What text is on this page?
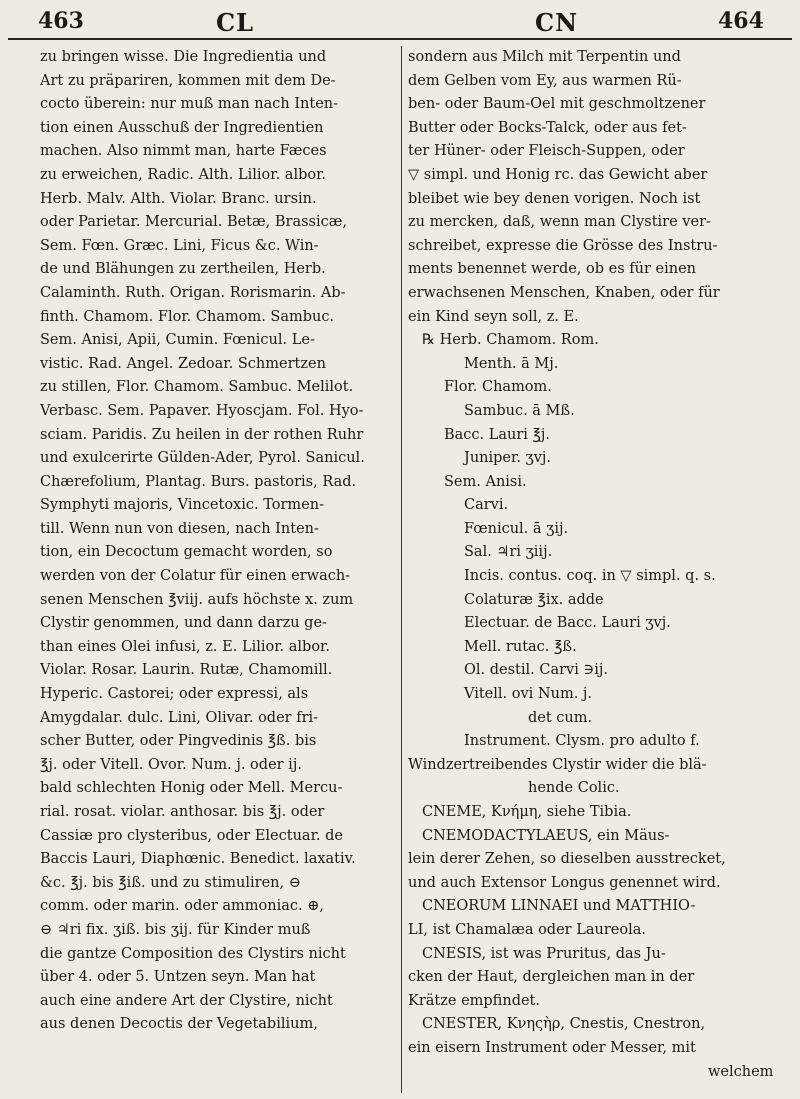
463	CL	CN	464
zu bringen wisse. Die Ingredientia und
Art zu präpariren, kommen mit dem De-
cocto überein: nur muß man nach Inten-
tion einen Ausschuß der Ingredientien
machen. Also nimmt man, harte Fæces
zu erweichen, Radic. Alth. Lilior. albor.
Herb. Malv. Alth. Violar. Branc. ursin.
oder Parietar. Mercurial. Betæ, Brassicæ,
Sem. Fœn. Græc. Lini, Ficus &c. Win-
de und Blähungen zu zertheilen, Herb.
Calaminth. Ruth. Origan. Rorismarin. Ab-
finth. Chamom. Flor. Chamom. Sambuc.
Sem. Anisi, Apii, Cumin. Fœnicul. Le-
vistic. Rad. Angel. Zedoar. Schmertzen
zu stillen, Flor. Chamom. Sambuc. Melilot.
Verbasc. Sem. Papaver. Hyoscjam. Fol. Hyo-
sciam. Paridis. Zu heilen in der rothen Ruhr
und exulcerirte Gülden-Ader, Pyrol. Sanicul.
Chærefolium, Plantag. Burs. pastoris, Rad.
Symphyti majoris, Vincetoxic. Tormen-
till. Wenn nun von diesen, nach Inten-
tion, ein Decoctum gemacht worden, so
werden von der Colatur für einen erwach-
senen Menschen ℥viij. aufs höchste x. zum
Clystir genommen, und dann darzu ge-
than eines Olei infusi, z. E. Lilior. albor.
Violar. Rosar. Laurin. Rutæ, Chamomill.
Hyperic. Castorei; oder expressi, als
Amygdalar. dulc. Lini, Olivar. oder fri-
scher Butter, oder Pingvedinis ℥ß. bis
℥j. oder Vitell. Ovor. Num. j. oder ij.
bald schlechten Honig oder Mell. Mercu-
rial. rosat. violar. anthosar. bis ℥j. oder
Cassiæ pro clysteribus, oder Electuar. de
Baccis Lauri, Diaphœnic. Benedict. laxativ.
&c. ℥j. bis ℥iß. und zu stimuliren, ⊖
comm. oder marin. oder ammoniac. ⊕,
⊖ ♃ri fix. ʒiß. bis ʒij. für Kinder muß
die gantze Composition des Clystirs nicht
über 4. oder 5. Untzen seyn. Man hat
auch eine andere Art der Clystire, nicht
aus denen Decoctis der Vegetabilium,
sondern aus Milch mit Terpentin und
dem Gelben vom Ey, aus warmen Rü-
ben- oder Baum-Oel mit geschmoltzener
Butter oder Bocks-Talck, oder aus fet-
ter Hüner- oder Fleisch-Suppen, oder
▽ simpl. und Honig rc. das Gewicht aber
bleibet wie bey denen vorigen. Noch ist
zu mercken, daß, wenn man Clystire ver-
schreibet, expresse die Grösse des Instru-
ments benennet werde, ob es für einen
erwachsenen Menschen, Knaben, oder für
ein Kind seyn soll, z. E.
℞ Herb. Chamom. Rom.
Menth. ā Mj.
Flor. Chamom.
Sambuc. ā Mß.
Bacc. Lauri ℥j.
Juniper. ʒvj.
Sem. Anisi.
Carvi.
Fœnicul. ā ʒij.
Sal. ♃ri ʒiij.
Incis. contus. coq. in ▽ simpl. q. s.
Colaturæ ℥ix. adde
Electuar. de Bacc. Lauri ʒvj.
Mell. rutac. ℥ß.
Ol. destil. Carvi ∋ij.
Vitell. ovi Num. j.
det cum.
Instrument. Clysm. pro adulto f.
Windzertreibendes Clystir wider die blä-
hende Colic.
CNEME, Κνήμη, siehe Tibia.
CNEMODACTYLAEUS, ein Mäus-
lein derer Zehen, so dieselben ausstrecket,
und auch Extensor Longus genennet wird.
CNEORUM LINNAEI und MATTHIO-
LI, ist Chamalæa oder Laureola.
CNESIS, ist was Pruritus, das Ju-
cken der Haut, dergleichen man in der
Krätze empfindet.
CNESTER, Κνηςὴρ, Cnestis, Cnestron,
ein eisern Instrument oder Messer, mit
welchem
